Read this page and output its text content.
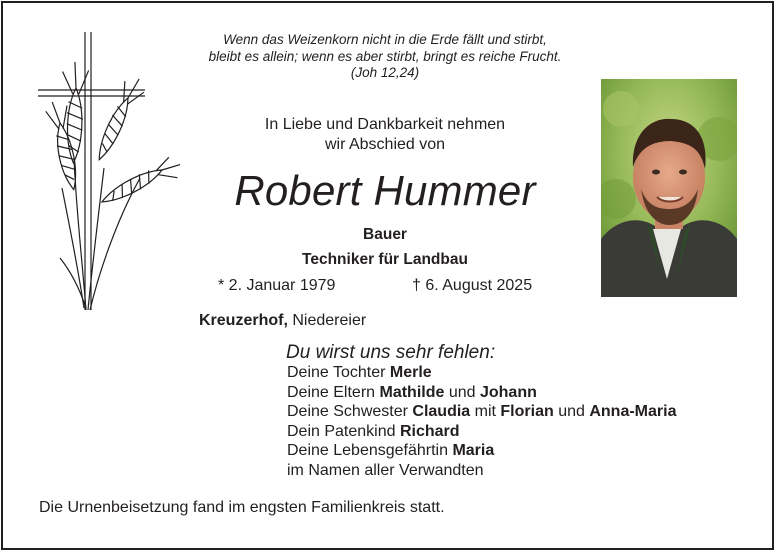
Wenn das Weizenkorn nicht in die Erde fällt und stirbt,
bleibt es allein; wenn es aber stirbt, bringt es reiche Frucht.
(Joh 12,24)
In Liebe und Dankbarkeit nehmen
wir Abschied von
Robert Hummer
Bauer
Techniker für Landbau
* 2. Januar 1979	† 6. August 2025
Kreuzerhof, Niedereier
Du wirst uns sehr fehlen:
Deine Tochter Merle
Deine Eltern Mathilde und Johann
Deine Schwester Claudia mit Florian und Anna-Maria
Dein Patenkind Richard
Deine Lebensgefährtin Maria
im Namen aller Verwandten
Die Urnenbeisetzung fand im engsten Familienkreis statt.
